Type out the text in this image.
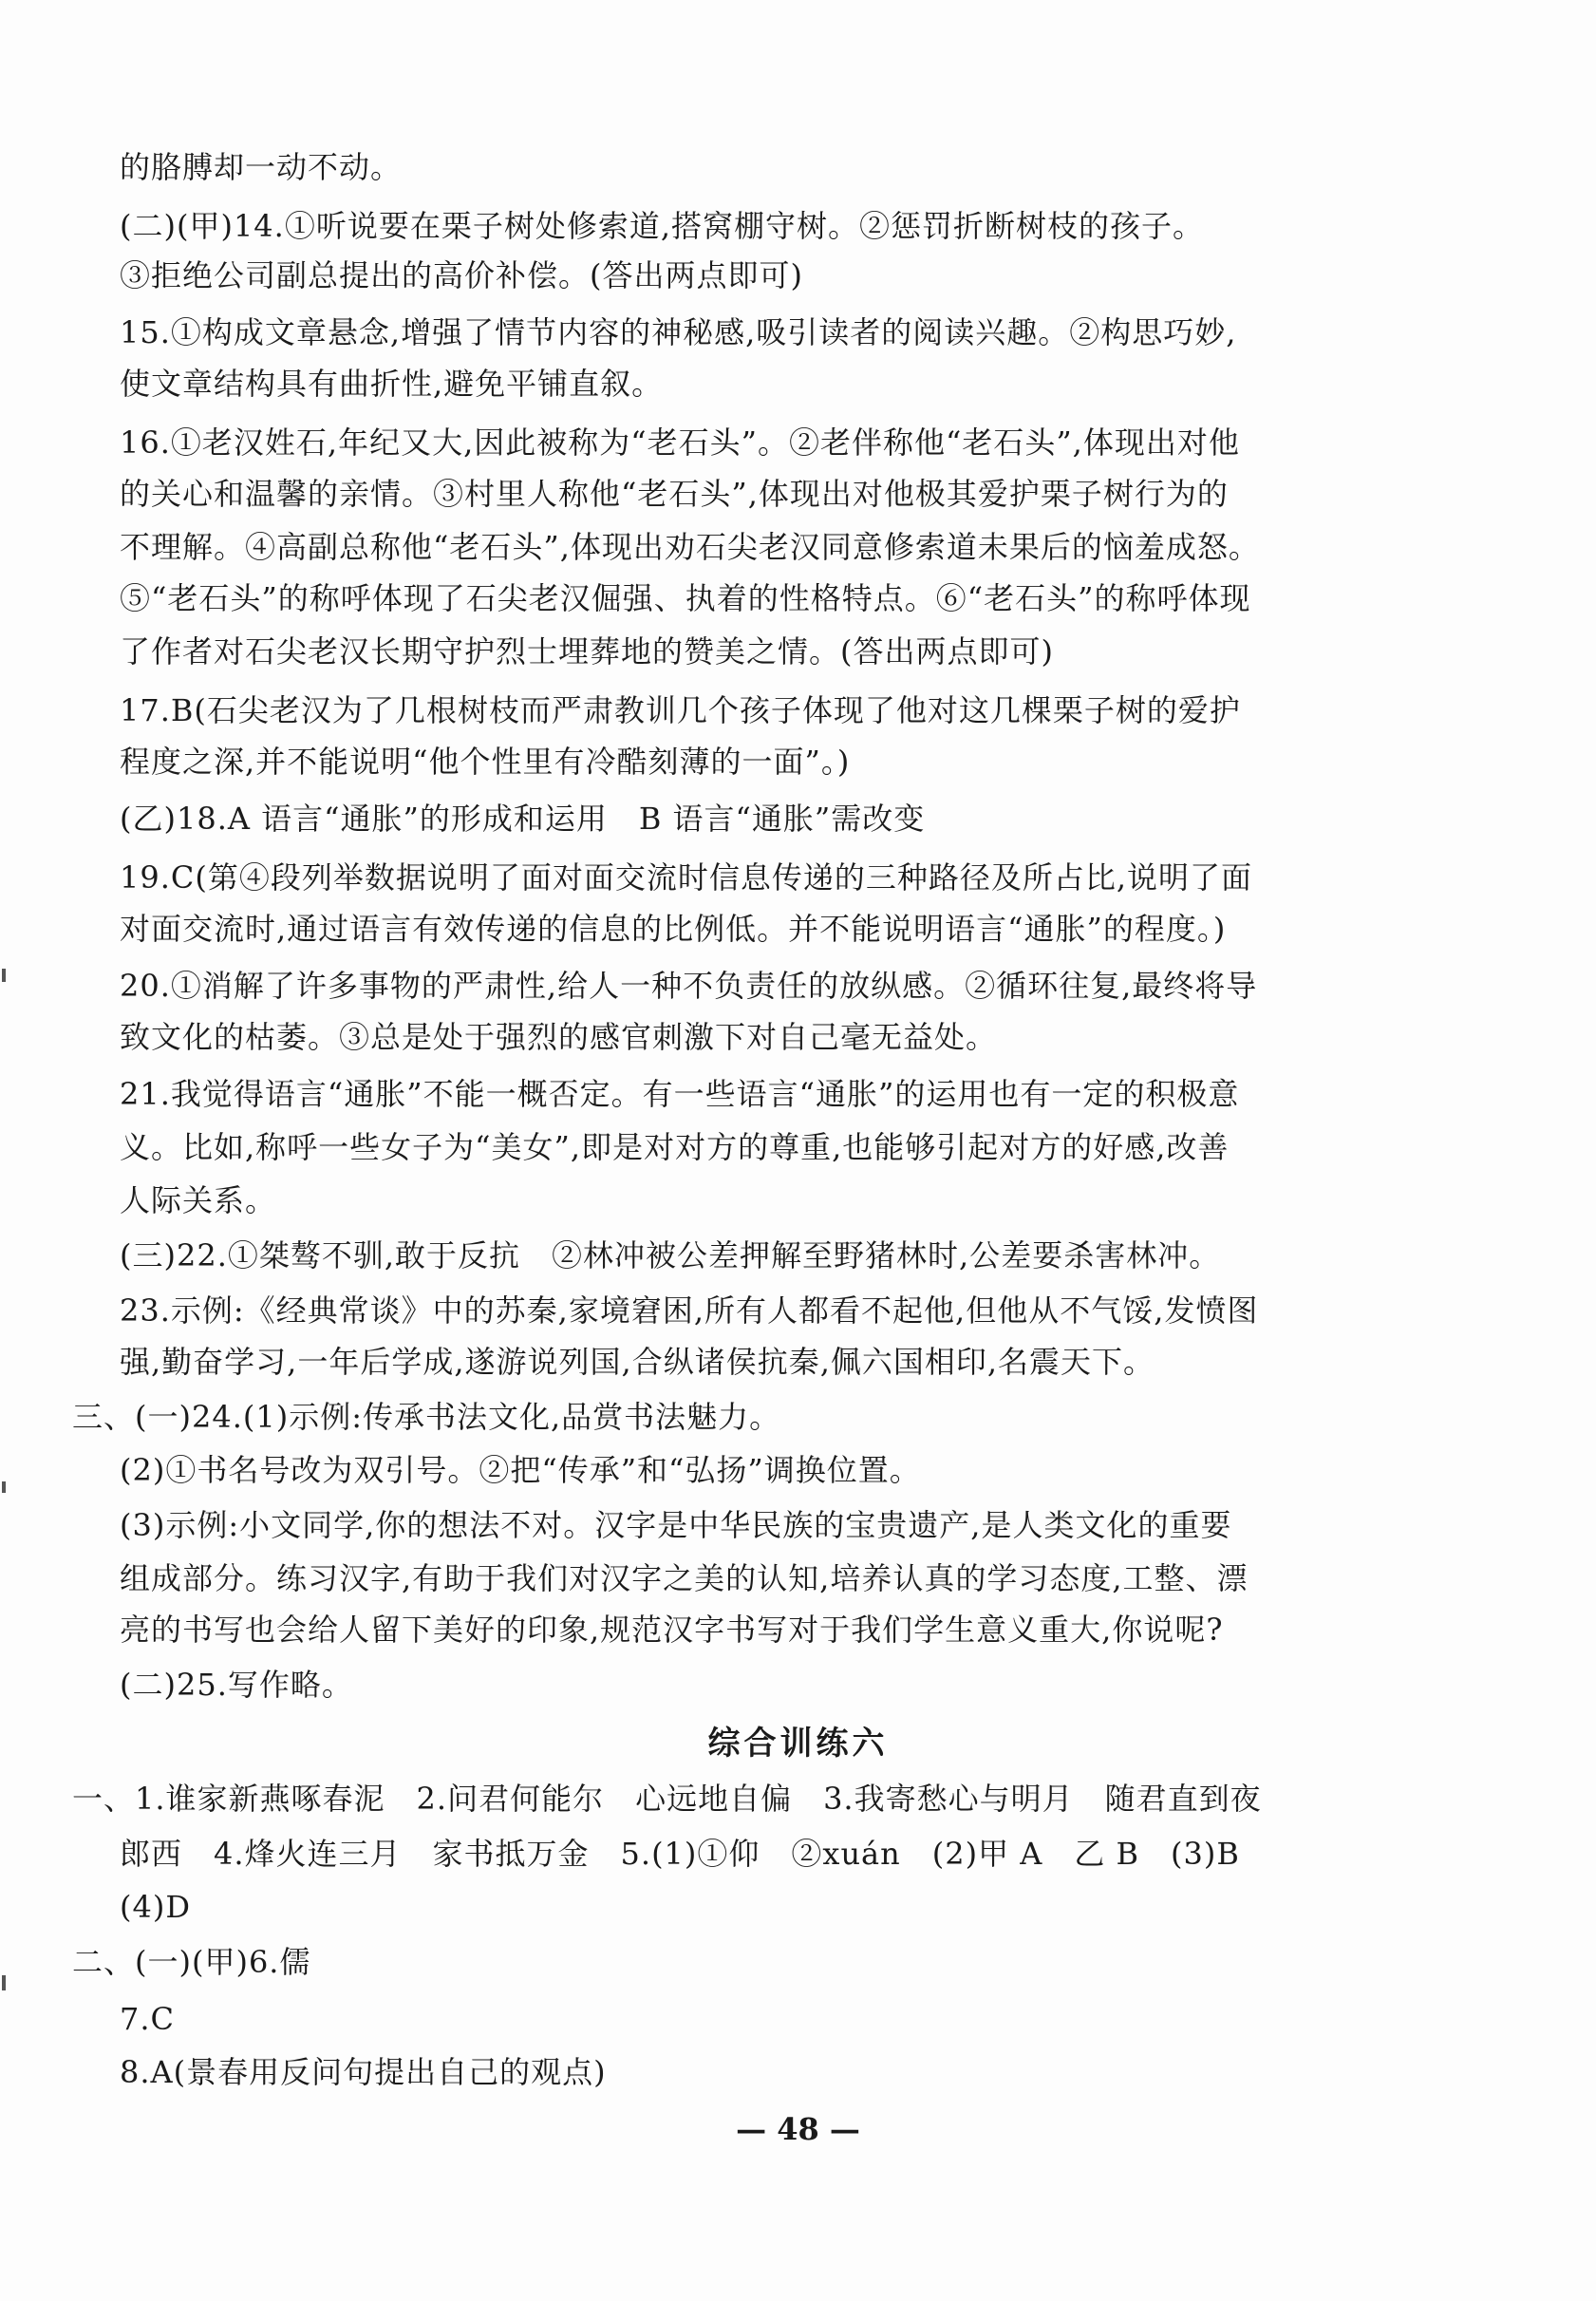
的胳膊却一动不动。
(二)(甲)14.①听说要在栗子树处修索道,搭窝棚守树。②惩罚折断树枝的孩子。
③拒绝公司副总提出的高价补偿。(答出两点即可)
15.①构成文章悬念,增强了情节内容的神秘感,吸引读者的阅读兴趣。②构思巧妙,
使文章结构具有曲折性,避免平铺直叙。
16.①老汉姓石,年纪又大,因此被称为“老石头”。②老伴称他“老石头”,体现出对他
的关心和温馨的亲情。③村里人称他“老石头”,体现出对他极其爱护栗子树行为的
不理解。④高副总称他“老石头”,体现出劝石尖老汉同意修索道未果后的恼羞成怒。
⑤“老石头”的称呼体现了石尖老汉倔强、执着的性格特点。⑥“老石头”的称呼体现
了作者对石尖老汉长期守护烈士埋葬地的赞美之情。(答出两点即可)
17.B(石尖老汉为了几根树枝而严肃教训几个孩子体现了他对这几棵栗子树的爱护
程度之深,并不能说明“他个性里有冷酷刻薄的一面”。)
(乙)18.A 语言“通胀”的形成和运用　B 语言“通胀”需改变
19.C(第④段列举数据说明了面对面交流时信息传递的三种路径及所占比,说明了面
对面交流时,通过语言有效传递的信息的比例低。并不能说明语言“通胀”的程度。)
20.①消解了许多事物的严肃性,给人一种不负责任的放纵感。②循环往复,最终将导
致文化的枯萎。③总是处于强烈的感官刺激下对自己毫无益处。
21.我觉得语言“通胀”不能一概否定。有一些语言“通胀”的运用也有一定的积极意
义。比如,称呼一些女子为“美女”,即是对对方的尊重,也能够引起对方的好感,改善
人际关系。
(三)22.①桀骜不驯,敢于反抗　②林冲被公差押解至野猪林时,公差要杀害林冲。
23.示例:《经典常谈》中的苏秦,家境窘困,所有人都看不起他,但他从不气馁,发愤图
强,勤奋学习,一年后学成,遂游说列国,合纵诸侯抗秦,佩六国相印,名震天下。
三、(一)24.(1)示例:传承书法文化,品赏书法魅力。
(2)①书名号改为双引号。②把“传承”和“弘扬”调换位置。
(3)示例:小文同学,你的想法不对。汉字是中华民族的宝贵遗产,是人类文化的重要
组成部分。练习汉字,有助于我们对汉字之美的认知,培养认真的学习态度,工整、漂
亮的书写也会给人留下美好的印象,规范汉字书写对于我们学生意义重大,你说呢?
(二)25.写作略。
综合训练六
一、1.谁家新燕啄春泥　2.问君何能尔　心远地自偏　3.我寄愁心与明月　随君直到夜
郎西　4.烽火连三月　家书抵万金　5.(1)①仰　②xuán　(2)甲 A　乙 B　(3)B
(4)D
二、(一)(甲)6.儒
7.C
8.A(景春用反问句提出自己的观点)
— 48 —
